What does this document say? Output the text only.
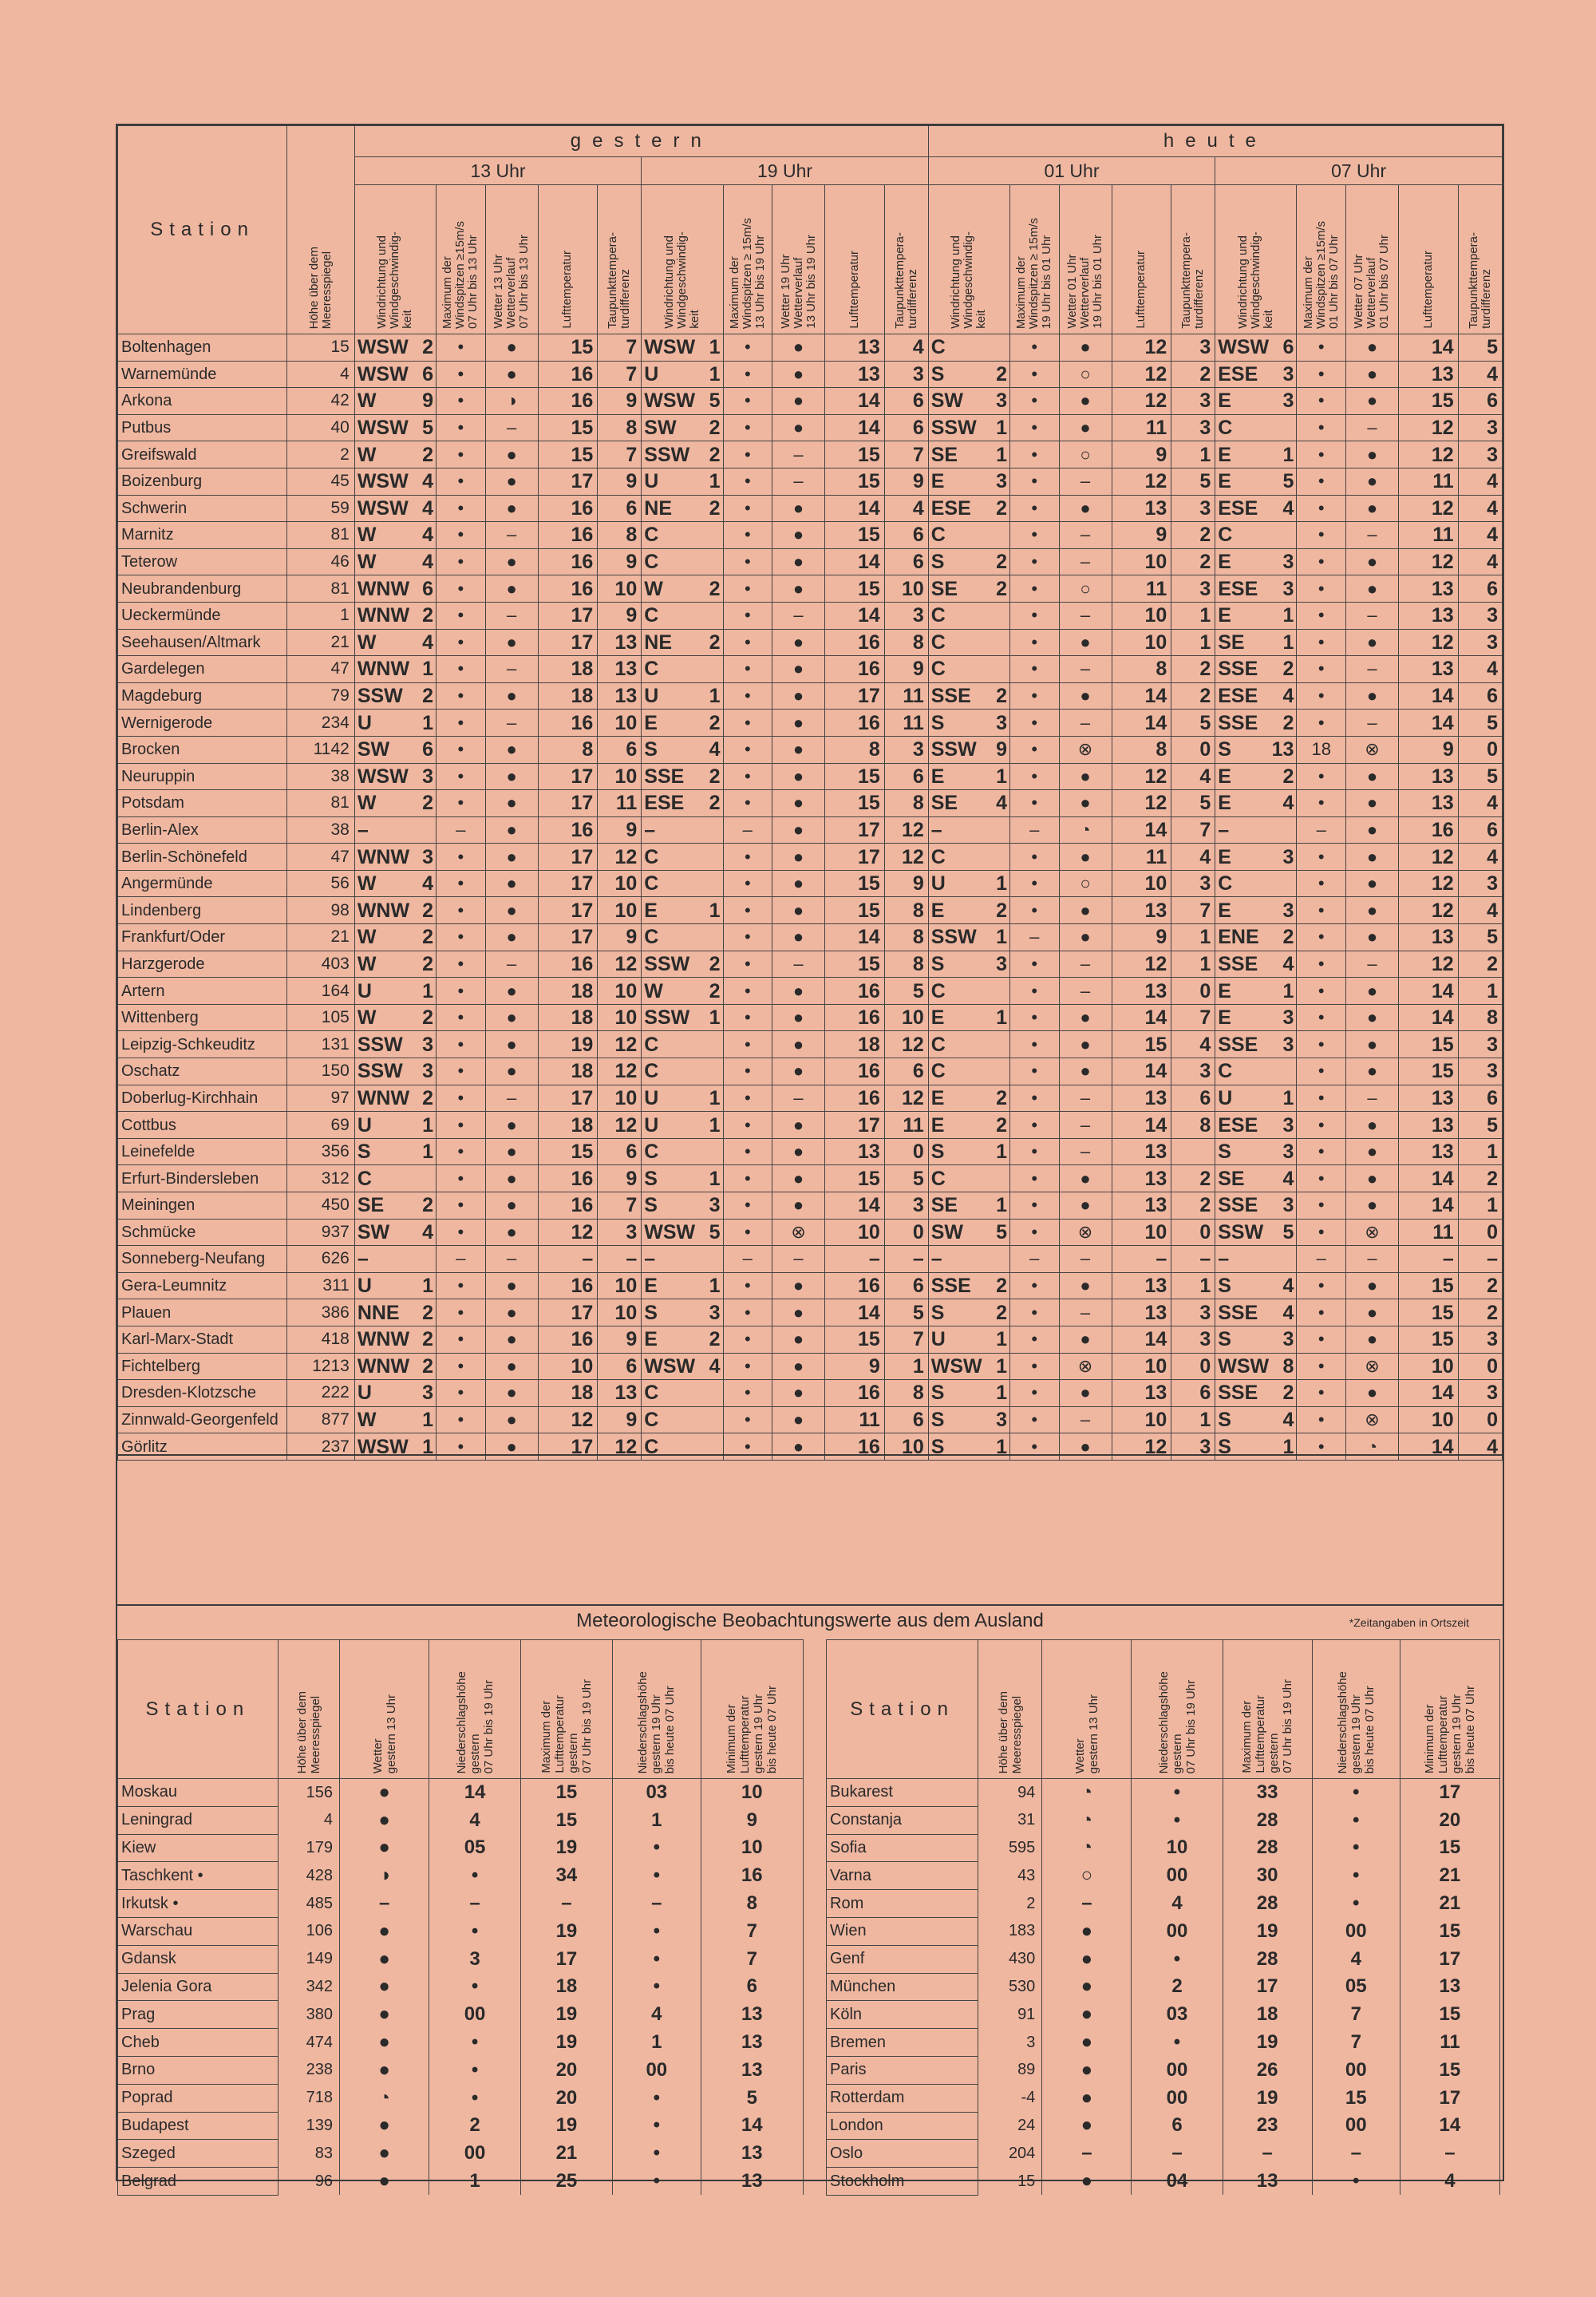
Station	Höhe über dem
Meeresspiegel	gestern										heute									
		13 Uhr					19 Uhr					01 Uhr					07 Uhr				

		Windrichtung und
Windgeschwindig-
keit	Maximum der
Windspitzen ≥15m/s
07 Uhr bis 13 Uhr	Wetter 13 Uhr
Wetterverlauf
07 Uhr bis 13 Uhr	Lufttemperatur	Taupunkttempera-
turdifferenz	Windrichtung und
Windgeschwindig-
keit	Maximum der
Windspitzen ≥ 15m/s
13 Uhr bis 19 Uhr	Wetter 19 Uhr
Wetterverlauf
13 Uhr bis 19 Uhr	Lufttemperatur	Taupunkttempera-
turdifferenz	Windrichtung und
Windgeschwindig-
keit	Maximum der
Windspitzen ≥ 15m/s
19 Uhr bis 01 Uhr	Wetter 01 Uhr
Wetterverlauf
19 Uhr bis 01 Uhr	Lufttemperatur	Taupunkttempera-
turdifferenz	Windrichtung und
Windgeschwindig-
keit	Maximum der
Windspitzen ≥15m/s
01 Uhr bis 07 Uhr	Wetter 07 Uhr
Wetterverlauf
01 Uhr bis 07 Uhr	Lufttemperatur	Taupunkttempera-
turdifferenz

Boltenhagen	15	WSW 2	•	●	15	7	WSW 1	•	●	13	4	C	•	●	12	3	WSW 6	•	●	14	5
Warnemünde	4	WSW 6	•	●	16	7	U 1	•	●	13	3	S 2	•	○	12	2	ESE 3	•	●	13	4
Arkona	42	W 9	•	◑	16	9	WSW 5	•	●	14	6	SW 3	•	●	12	3	E 3	•	●	15	6
Putbus	40	WSW 5	•	–	15	8	SW 2	•	●	14	6	SSW 1	•	●	11	3	C	•	–	12	3
Greifswald	2	W 2	•	●	15	7	SSW 2	•	–	15	7	SE 1	•	○	9	1	E 1	•	●	12	3
Boizenburg	45	WSW 4	•	●	17	9	U 1	•	–	15	9	E 3	•	–	12	5	E 5	•	●	11	4
Schwerin	59	WSW 4	•	●	16	6	NE 2	•	●	14	4	ESE 2	•	●	13	3	ESE 4	•	●	12	4
Marnitz	81	W 4	•	–	16	8	C	•	●	15	6	C	•	–	9	2	C	•	–	11	4
Teterow	46	W 4	•	●	16	9	C	•	●	14	6	S 2	•	–	10	2	E 3	•	●	12	4
Neubrandenburg	81	WNW 6	•	●	16	10	W 2	•	●	15	10	SE 2	•	○	11	3	ESE 3	•	●	13	6
Ueckermünde	1	WNW 2	•	–	17	9	C	•	–	14	3	C	•	–	10	1	E 1	•	–	13	3
Seehausen/Altmark	21	W 4	•	●	17	13	NE 2	•	●	16	8	C	•	●	10	1	SE 1	•	●	12	3
Gardelegen	47	WNW 1	•	–	18	13	C	•	●	16	9	C	•	–	8	2	SSE 2	•	–	13	4
Magdeburg	79	SSW 2	•	●	18	13	U 1	•	●	17	11	SSE 2	•	●	14	2	ESE 4	•	●	14	6
Wernigerode	234	U 1	•	–	16	10	E 2	•	●	16	11	S 3	•	–	14	5	SSE 2	•	–	14	5
Brocken	1142	SW 6	•	●	8	6	S 4	•	●	8	3	SSW 9	•	⊗	8	0	S 13	18	⊗	9	0
Neuruppin	38	WSW 3	•	●	17	10	SSE 2	•	●	15	6	E 1	•	●	12	4	E 2	•	●	13	5
Potsdam	81	W 2	•	●	17	11	ESE 2	•	●	15	8	SE 4	•	●	12	5	E 4	•	●	13	4
Berlin-Alex	38	–	–	●	16	9	–	–	●	17	12	–	–	◔	14	7	–	–	●	16	6
Berlin-Schönefeld	47	WNW 3	•	●	17	12	C	•	●	17	12	C	•	●	11	4	E 3	•	●	12	4
Angermünde	56	W 4	•	●	17	10	C	•	●	15	9	U 1	•	○	10	3	C	•	●	12	3
Lindenberg	98	WNW 2	•	●	17	10	E 1	•	●	15	8	E 2	•	●	13	7	E 3	•	●	12	4
Frankfurt/Oder	21	W 2	•	●	17	9	C	•	●	14	8	SSW 1	–	●	9	1	ENE 2	•	●	13	5
Harzgerode	403	W 2	•	–	16	12	SSW 2	•	–	15	8	S 3	•	–	12	1	SSE 4	•	–	12	2
Artern	164	U 1	•	●	18	10	W 2	•	●	16	5	C	•	–	13	0	E 1	•	●	14	1
Wittenberg	105	W 2	•	●	18	10	SSW 1	•	●	16	10	E 1	•	●	14	7	E 3	•	●	14	8
Leipzig-Schkeuditz	131	SSW 3	•	●	19	12	C	•	●	18	12	C	•	●	15	4	SSE 3	•	●	15	3
Oschatz	150	SSW 3	•	●	18	12	C	•	●	16	6	C	•	●	14	3	C	•	●	15	3
Doberlug-Kirchhain	97	WNW 2	•	–	17	10	U 1	•	–	16	12	E 2	•	–	13	6	U 1	•	–	13	6
Cottbus	69	U 1	•	●	18	12	U 1	•	●	17	11	E 2	•	–	14	8	ESE 3	•	●	13	5
Leinefelde	356	S 1	•	●	15	6	C	•	●	13	0	S 1	•	–	13		S 3	•	●	13	1
Erfurt-Bindersleben	312	C	•	●	16	9	S 1	•	●	15	5	C	•	●	13	2	SE 4	•	●	14	2
Meiningen	450	SE 2	•	●	16	7	S 3	•	●	14	3	SE 1	•	●	13	2	SSE 3	•	●	14	1
Schmücke	937	SW 4	•	●	12	3	WSW 5	•	⊗	10	0	SW 5	•	⊗	10	0	SSW 5	•	⊗	11	0
Sonneberg-Neufang	626	–	–	–	–	–	–	–	–	–	–	–	–	–	–	–	–	–	–	–	–
Gera-Leumnitz	311	U 1	•	●	16	10	E 1	•	●	16	6	SSE 2	•	●	13	1	S 4	•	●	15	2
Plauen	386	NNE 2	•	●	17	10	S 3	•	●	14	5	S 2	•	–	13	3	SSE 4	•	●	15	2
Karl-Marx-Stadt	418	WNW 2	•	●	16	9	E 2	•	●	15	7	U 1	•	●	14	3	S 3	•	●	15	3
Fichtelberg	1213	WNW 2	•	●	10	6	WSW 4	•	●	9	1	WSW 1	•	⊗	10	0	WSW 8	•	⊗	10	0
Dresden-Klotzsche	222	U 3	•	●	18	13	C	•	●	16	8	S 1	•	●	13	6	SSE 2	•	●	14	3
Zinnwald-Georgenfeld	877	W 1	•	●	12	9	C	•	●	11	6	S 3	•	–	10	1	S 4	•	⊗	10	0
Görlitz	237	WSW 1	•	●	17	12	C	•	●	16	10	S 1	•	●	12	3	S 1	•	◔	14	4
Meteorologische Beobachtungswerte aus dem Ausland	*Zeitangaben in Ortszeit
Station	Höhe über dem
Meeresspiegel	Wetter
gestern 13 Uhr	Niederschlagshöhe
gestern
07 Uhr bis 19 Uhr	Maximum der
Lufttemperatur
gestern
07 Uhr bis 19 Uhr	Niederschlagshöhe
gestern 19 Uhr
bis heute 07 Uhr	Minimum der
Lufttemperatur
gestern 19 Uhr
bis heute 07 Uhr

Moskau	156	●	14	15	03	10
Leningrad	4	●	4	15	1	9
Kiew	179	●	05	19	•	10
Taschkent •	428	◑	•	34	•	16
Irkutsk •	485	–	–	–	–	8
Warschau	106	●	•	19	•	7
Gdansk	149	●	3	17	•	7
Jelenia Gora	342	●	•	18	•	6
Prag	380	●	00	19	4	13
Cheb	474	●	•	19	1	13
Brno	238	●	•	20	00	13
Poprad	718	◔	•	20	•	5
Budapest	139	●	2	19	•	14
Szeged	83	●	00	21	•	13
Belgrad	96	●	1	25	•	13
Station	Höhe über dem
Meeresspiegel	Wetter
gestern 13 Uhr	Niederschlagshöhe
gestern
07 Uhr bis 19 Uhr	Maximum der
Lufttemperatur
gestern
07 Uhr bis 19 Uhr	Niederschlagshöhe
gestern 19 Uhr
bis heute 07 Uhr	Minimum der
Lufttemperatur
gestern 19 Uhr
bis heute 07 Uhr

Bukarest	94	◔	•	33	•	17
Constanja	31	◔	•	28	•	20
Sofia	595	◔	10	28	•	15
Varna	43	○	00	30	•	21
Rom	2	–	4	28	•	21
Wien	183	●	00	19	00	15
Genf	430	●	•	28	4	17
München	530	●	2	17	05	13
Köln	91	●	03	18	7	15
Bremen	3	●	•	19	7	11
Paris	89	●	00	26	00	15
Rotterdam	-4	●	00	19	15	17
London	24	●	6	23	00	14
Oslo	204	–	–	–	–	–
Stockholm	15	●	04	13	•	4
